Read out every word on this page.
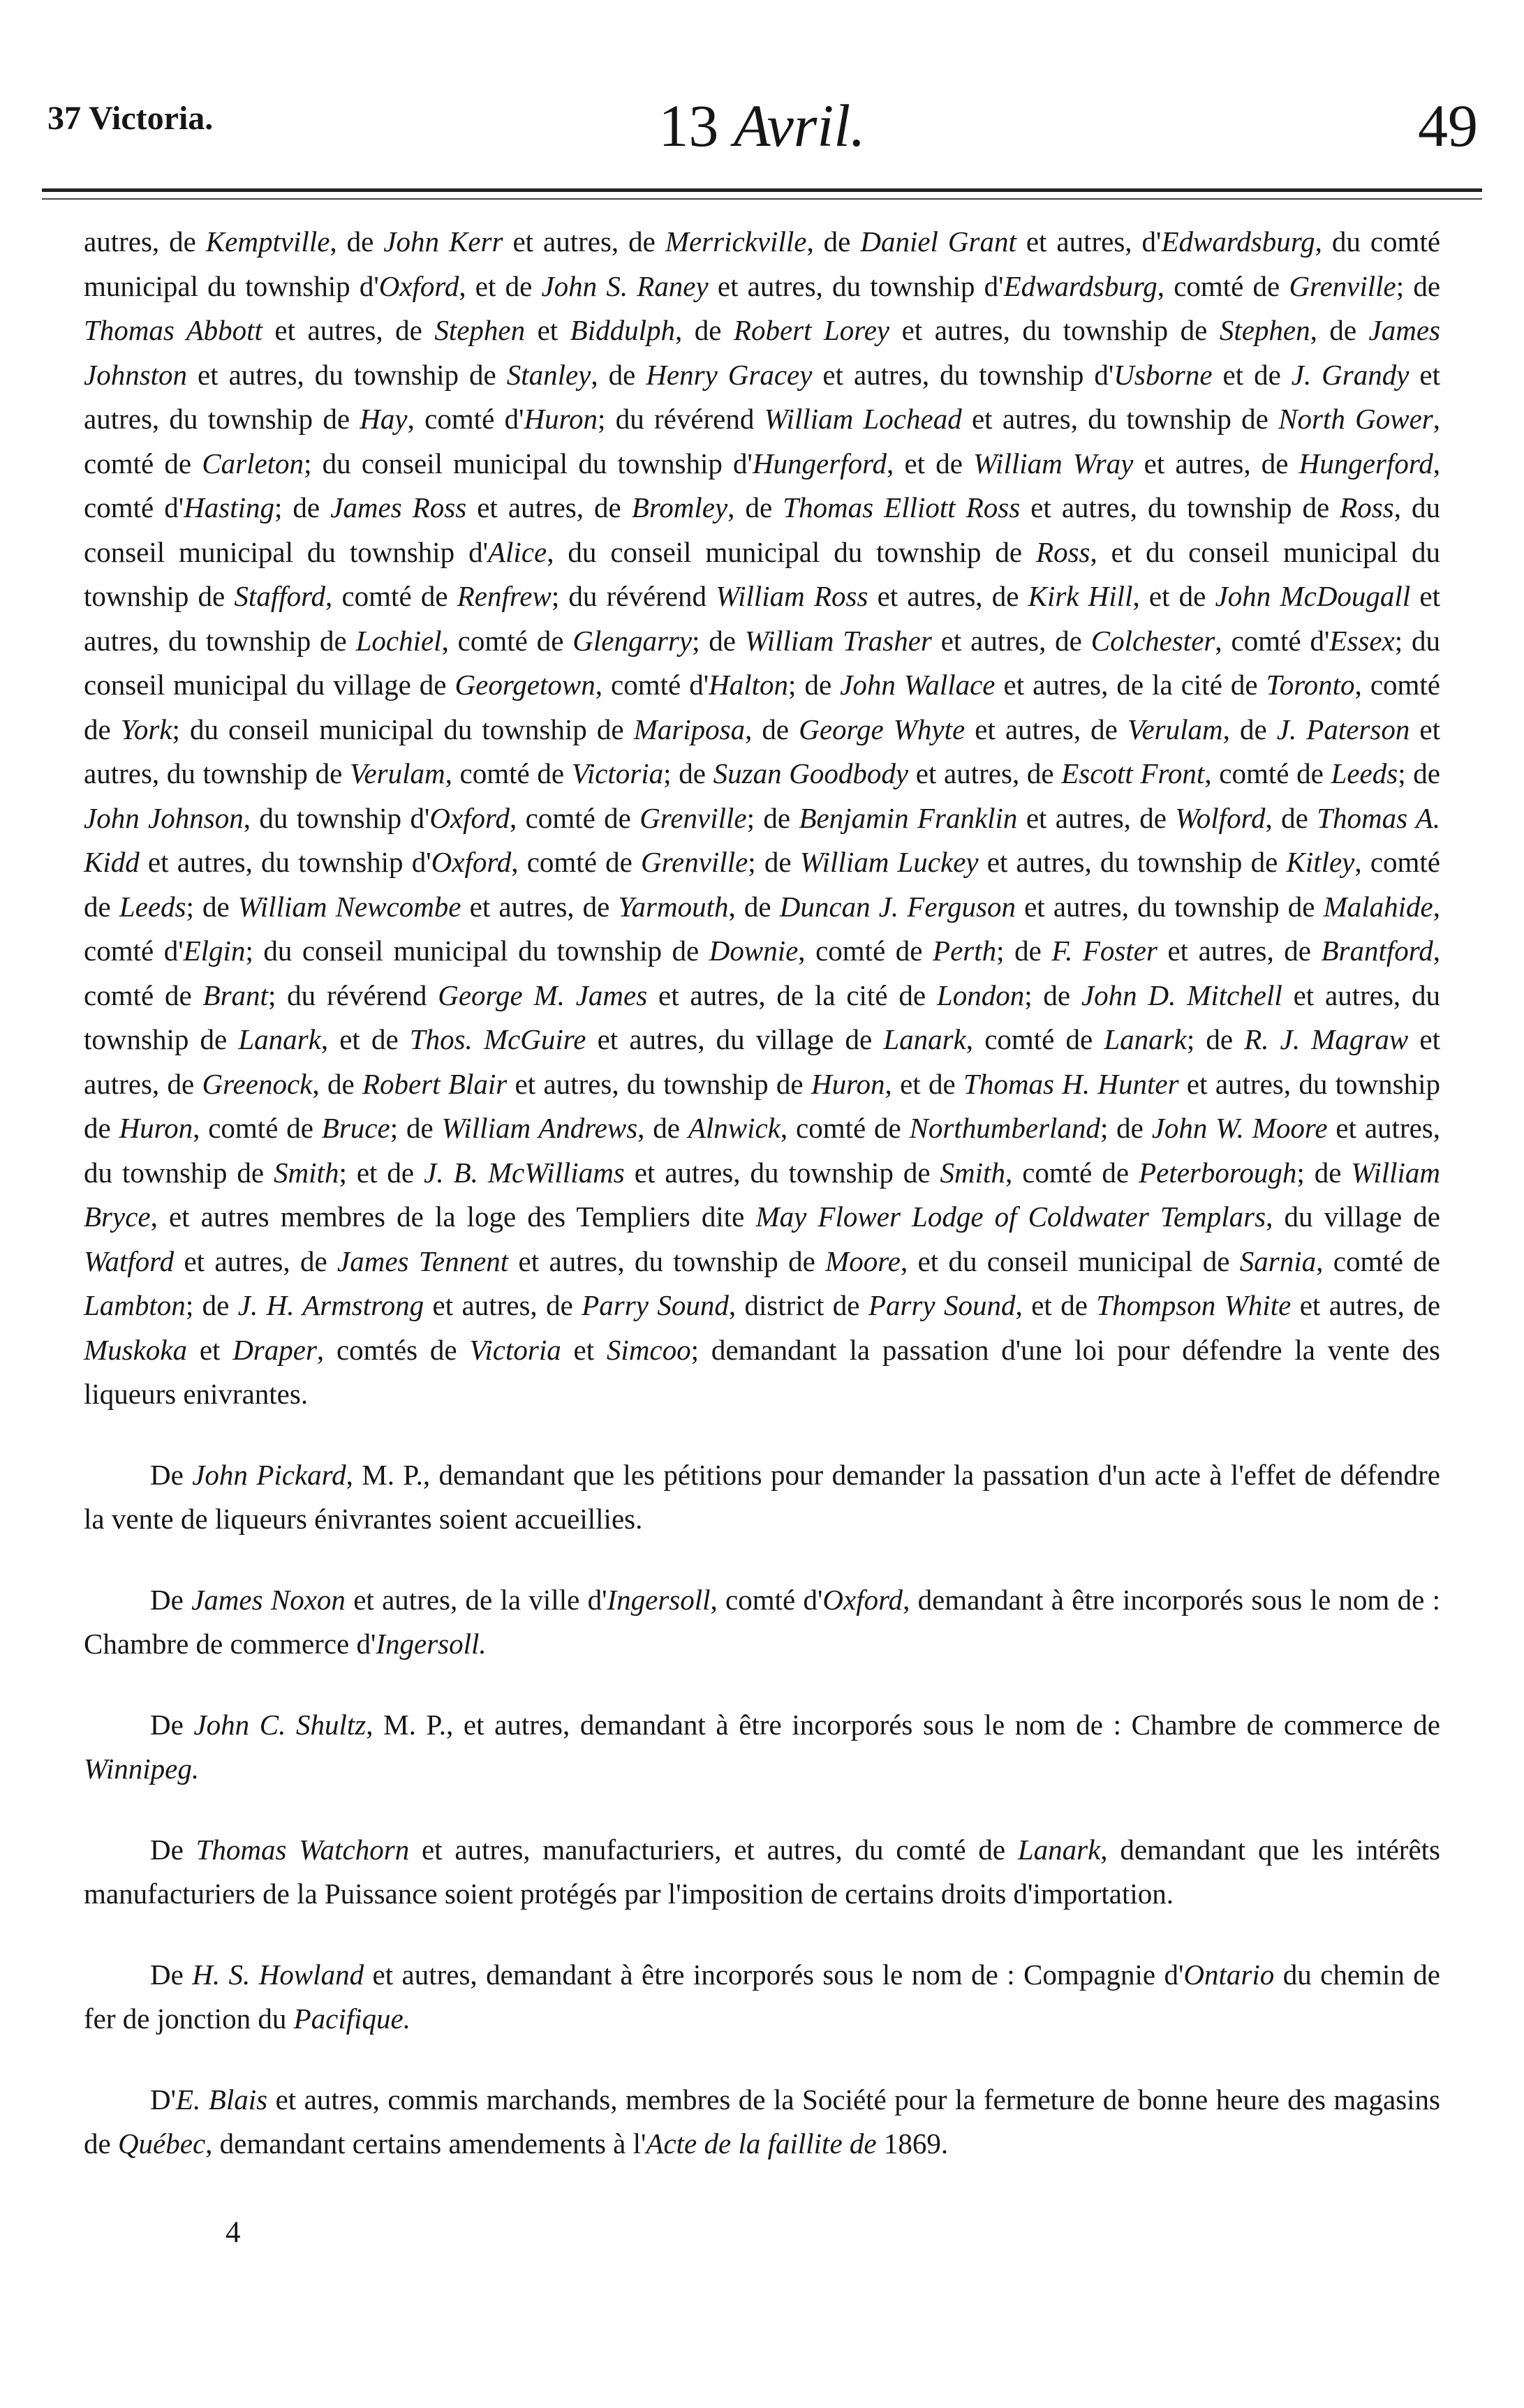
37 Victoria.	13 Avril.	49

autres, de Kemptville, de John Kerr et autres, de Merrickville, de Daniel Grant et autres, d'Edwardsburg, du comté municipal du township d'Oxford, et de John S. Raney et autres, du township d'Edwardsburg, comté de Grenville; de Thomas Abbott et autres, de Stephen et Biddulph, de Robert Lorey et autres, du township de Stephen, de James Johnston et autres, du township de Stanley, de Henry Gracey et autres, du township d'Usborne et de J. Grandy et autres, du township de Hay, comté d'Huron; du révérend William Lochead et autres, du township de North Gower, comté de Carleton; du conseil municipal du township d'Hungerford, et de William Wray et autres, de Hungerford, comté d'Hasting; de James Ross et autres, de Bromley, de Thomas Elliott Ross et autres, du township de Ross, du conseil municipal du township d'Alice, du conseil municipal du township de Ross, et du conseil municipal du township de Stafford, comté de Renfrew; du révérend William Ross et autres, de Kirk Hill, et de John McDougall et autres, du township de Lochiel, comté de Glengarry; de William Trasher et autres, de Colchester, comté d'Essex; du conseil municipal du village de Georgetown, comté d'Halton; de John Wallace et autres, de la cité de Toronto, comté de York; du conseil municipal du township de Mariposa, de George Whyte et autres, de Verulam, de J. Paterson et autres, du township de Verulam, comté de Victoria; de Suzan Goodbody et autres, de Escott Front, comté de Leeds; de John Johnson, du township d'Oxford, comté de Grenville; de Benjamin Franklin et autres, de Wolford, de Thomas A. Kidd et autres, du township d'Oxford, comté de Grenville; de William Luckey et autres, du township de Kitley, comté de Leeds; de William Newcombe et autres, de Yarmouth, de Duncan J. Ferguson et autres, du township de Malahide, comté d'Elgin; du conseil municipal du township de Downie, comté de Perth; de F. Foster et autres, de Brantford, comté de Brant; du révérend George M. James et autres, de la cité de London; de John D. Mitchell et autres, du township de Lanark, et de Thos. McGuire et autres, du village de Lanark, comté de Lanark; de R. J. Magraw et autres, de Greenock, de Robert Blair et autres, du township de Huron, et de Thomas H. Hunter et autres, du township de Huron, comté de Bruce; de William Andrews, de Alnwick, comté de Northumberland; de John W. Moore et autres, du township de Smith; et de J. B. McWilliams et autres, du township de Smith, comté de Peterborough; de William Bryce, et autres membres de la loge des Templiers dite May Flower Lodge of Coldwater Templars, du village de Watford et autres, de James Tennent et autres, du township de Moore, et du conseil municipal de Sarnia, comté de Lambton; de J. H. Armstrong et autres, de Parry Sound, district de Parry Sound, et de Thompson White et autres, de Muskoka et Draper, comtés de Victoria et Simcoo; demandant la passation d'une loi pour défendre la vente des liqueurs enivrantes.

De John Pickard, M. P., demandant que les pétitions pour demander la passation d'un acte à l'effet de défendre la vente de liqueurs énivrantes soient accueillies.

De James Noxon et autres, de la ville d'Ingersoll, comté d'Oxford, demandant à être incorporés sous le nom de : Chambre de commerce d'Ingersoll.

De John C. Shultz, M. P., et autres, demandant à être incorporés sous le nom de : Chambre de commerce de Winnipeg.

De Thomas Watchorn et autres, manufacturiers, et autres, du comté de Lanark, demandant que les intérêts manufacturiers de la Puissance soient protégés par l'imposition de certains droits d'importation.

De H. S. Howland et autres, demandant à être incorporés sous le nom de : Compagnie d'Ontario du chemin de fer de jonction du Pacifique.

D'E. Blais et autres, commis marchands, membres de la Société pour la fermeture de bonne heure des magasins de Québec, demandant certains amendements à l'Acte de la faillite de 1869.

4
